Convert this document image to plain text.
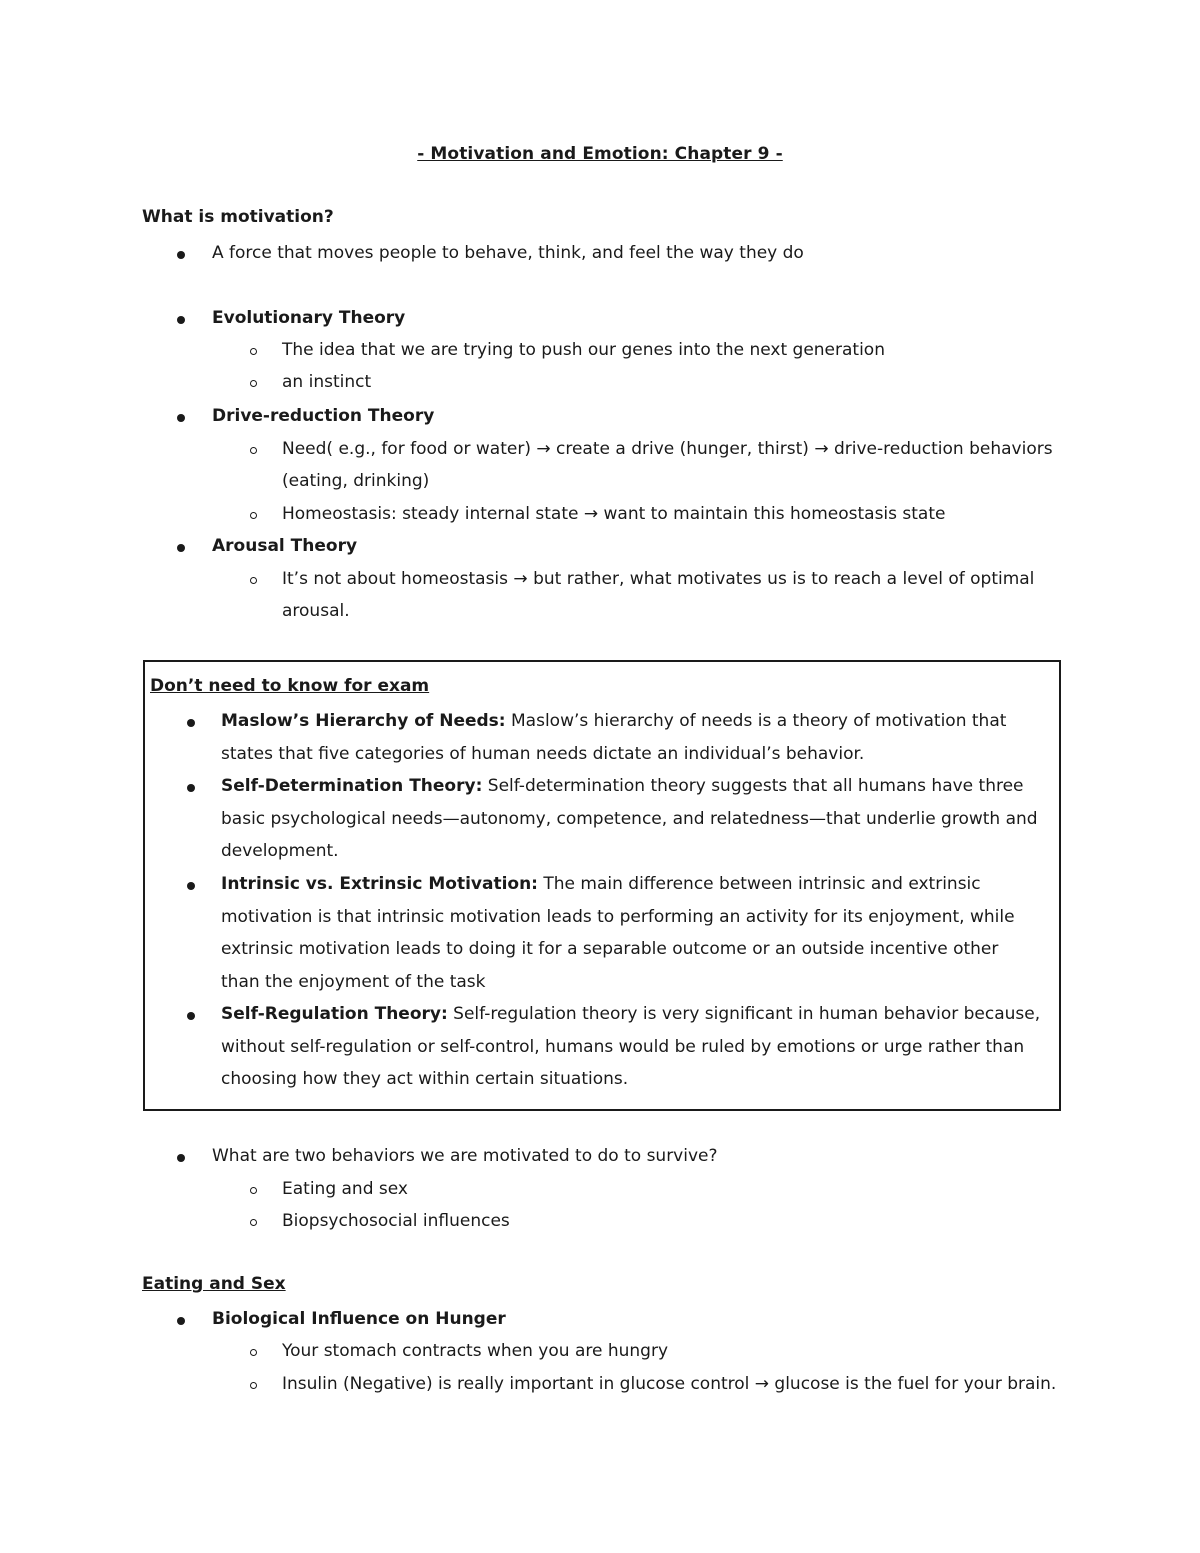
- Motivation and Emotion: Chapter 9 -
What is motivation?
A force that moves people to behave, think, and feel the way they do
Evolutionary Theory
The idea that we are trying to push our genes into the next generation
an instinct
Drive-reduction Theory
Need( e.g., for food or water) → create a drive (hunger, thirst) → drive-reduction behaviors
(eating, drinking)
Homeostasis: steady internal state → want to maintain this homeostasis state
Arousal Theory
It’s not about homeostasis → but rather, what motivates us is to reach a level of optimal
arousal.
Don’t need to know for exam
Maslow’s Hierarchy of Needs: Maslow’s hierarchy of needs is a theory of motivation that states that five categories of human needs dictate an individual’s behavior.
Self-Determination Theory: Self-determination theory suggests that all humans have three basic psychological needs—autonomy, competence, and relatedness—that underlie growth and development.
Intrinsic vs. Extrinsic Motivation: The main difference between intrinsic and extrinsic motivation is that intrinsic motivation leads to performing an activity for its enjoyment, while extrinsic motivation leads to doing it for a separable outcome or an outside incentive other than the enjoyment of the task
Self-Regulation Theory: Self-regulation theory is very significant in human behavior because, without self-regulation or self-control, humans would be ruled by emotions or urge rather than choosing how they act within certain situations.
What are two behaviors we are motivated to do to survive?
Eating and sex
Biopsychosocial influences
Eating and Sex
Biological Influence on Hunger
Your stomach contracts when you are hungry
Insulin (Negative) is really important in glucose control → glucose is the fuel for your brain.
